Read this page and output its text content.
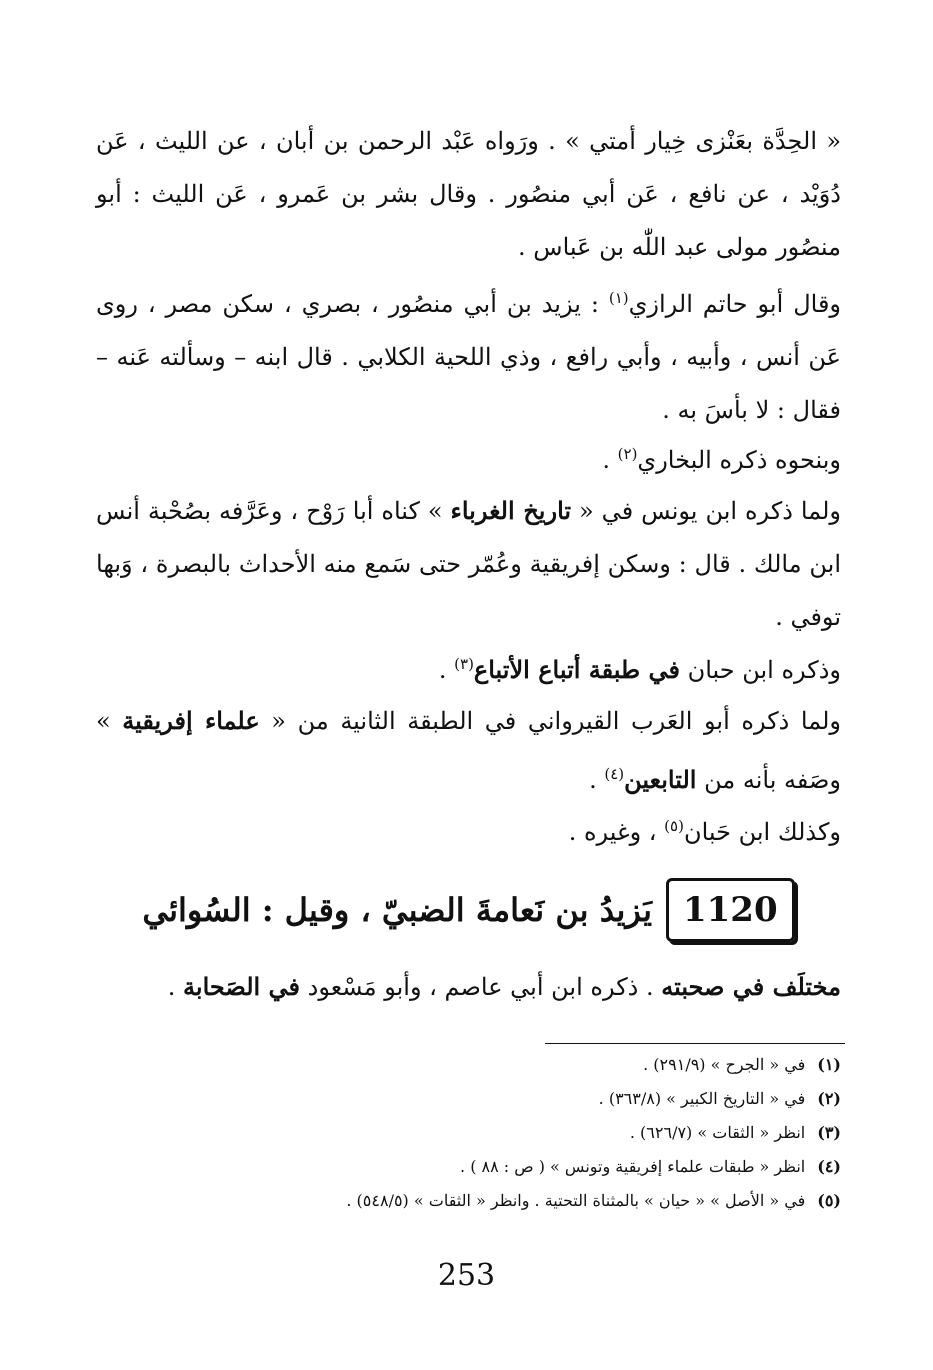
« الحِدَّة بعَنْزى خِيار أمتي » . ورَواه عَبْد الرحمن بن أبان ، عن الليث ، عَن دُوَيْد ، عن نافع ، عَن أبي منصُور . وقال بشر بن عَمرو ، عَن الليث : أبو منصُور مولى عبد اللّٰه بن عَباس .

وقال أبو حاتم الرازي$^{(١)}$ : يزيد بن أبي منصُور ، بصري ، سكن مصر ، روى عَن أنس ، وأبيه ، وأبي رافع ، وذي اللحية الكلابي . قال ابنه – وسألته عَنه – فقال : لا بأسَ به .

وبنحوه ذكره البخاري$^{(٢)}$ .

ولما ذكره ابن يونس في « تاريخ الغرباء » كناه أبا رَوْح ، وعَرَّفه بصُحْبة أنس ابن مالك . قال : وسكن إفريقية وعُمّر حتى سَمع منه الأحداث بالبصرة ، وَبها توفي .

وذكره ابن حبان في طبقة أتباع الأتباع$^{(٣)}$ .

ولما ذكره أبو العَرب القيرواني في الطبقة الثانية من « علماء إفريقية » وصَفه بأنه من التابعين$^{(٤)}$ .

وكذلك ابن حَبان$^{(٥)}$ ، وغيره .

1120
يَزيدُ بن نَعامةَ الضبيّ ، وقيل : السُوائي

مختلَف في صحبته . ذكره ابن أبي عاصم ، وأبو مَسْعود في الصَحابة .

(١)في « الجرح » (٢٩١/٩) .
(٢)في « التاريخ الكبير » (٣٦٣/٨) .
(٣)انظر « الثقات » (٦٢٦/٧) .
(٤)انظر « طبقات علماء إفريقية وتونس » ( ص : ٨٨ ) .
(٥)في « الأصل » « حيان » بالمثناة التحتية . وانظر « الثقات » (٥٤٨/٥) .
253
